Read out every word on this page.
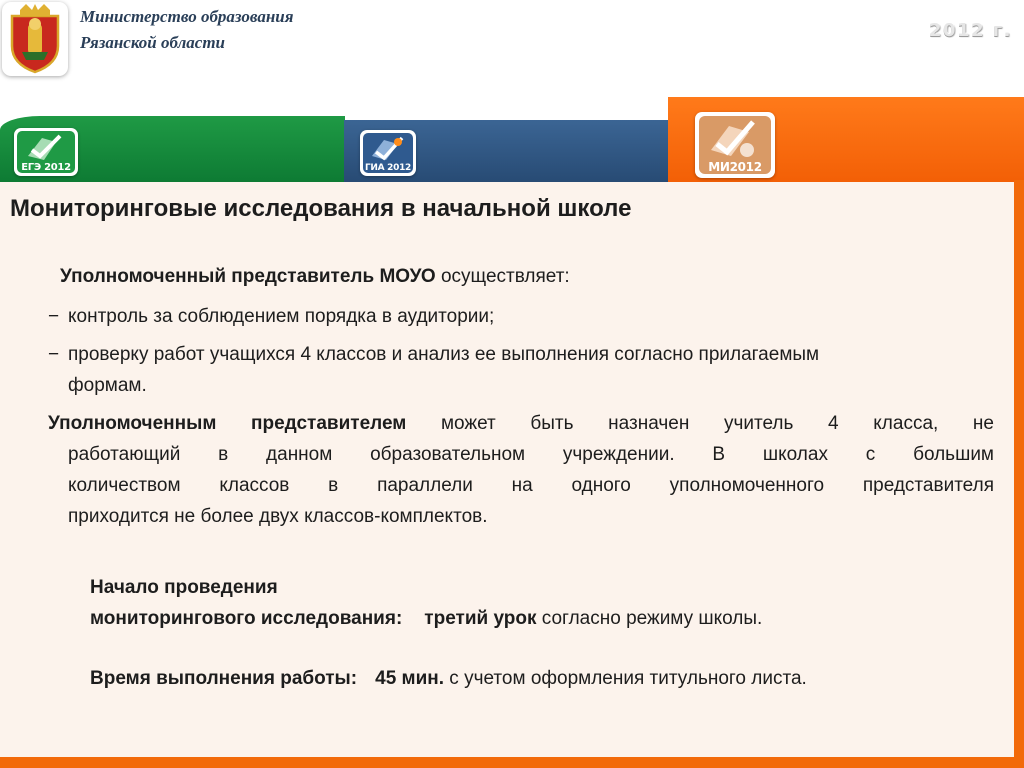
Министерство образования
Рязанской области
2012 г.
ЕГЭ 2012	ГИА 2012	МИ2012
Мониторинговые исследования в начальной школе
Уполномоченный представитель МОУО осуществляет:
− контроль за соблюдением порядка в аудитории;
− проверку работ учащихся 4 классов и анализ ее выполнения согласно прилагаемым
формам.
Уполномоченным представителем может быть назначен учитель 4 класса, не
работающий в данном образовательном учреждении. В школах с большим
количеством классов в параллели на одного уполномоченного представителя
приходится не более двух классов-комплектов.
Начало проведения
мониторингового исследования: третий урок согласно режиму школы.
Время выполнения работы: 45 мин. с учетом оформления титульного листа.
